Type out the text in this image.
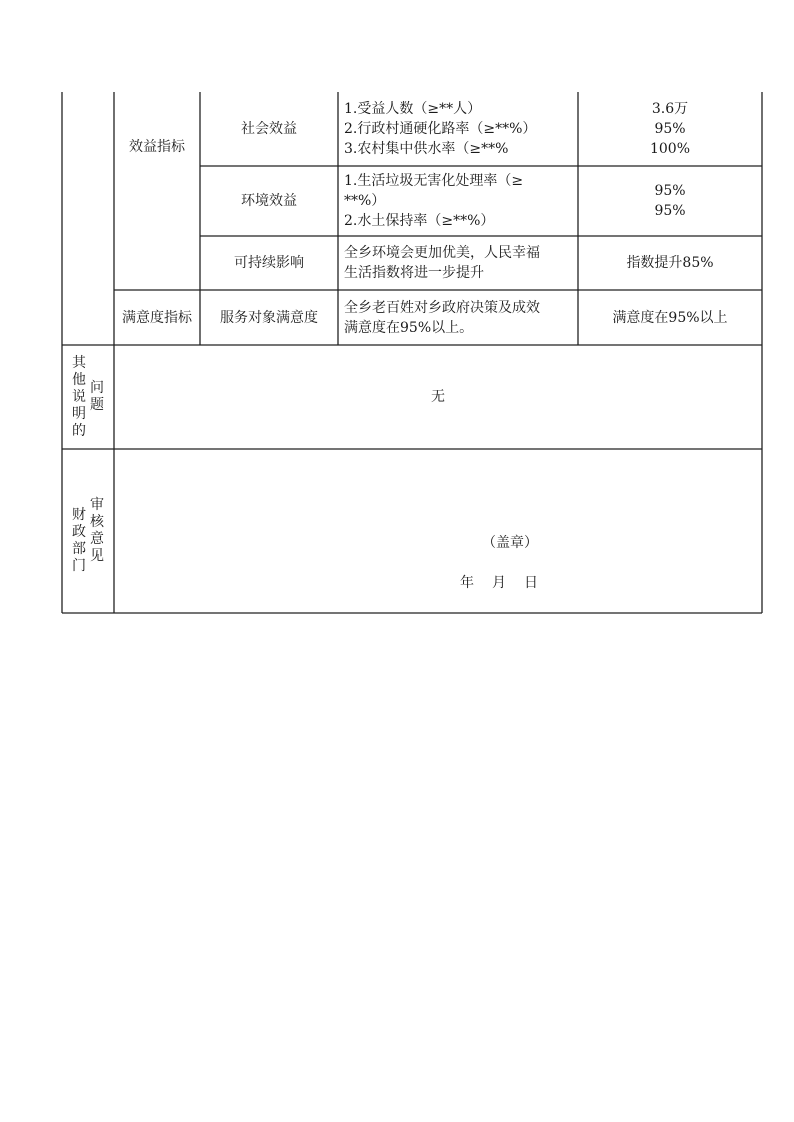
效益指标
社会效益
1.受益人数（≥**人）
2.行政村通硬化路率（≥**%）
3.农村集中供水率（≥**%
3.6万
95%
100%
环境效益
1.生活垃圾无害化处理率（≥
**%）
2.水土保持率（≥**%）
95%
95%
可持续影响
全乡环境会更加优美，人民幸福
生活指数将进一步提升
指数提升85%
满意度指标 服务对象满意度
全乡老百姓对乡政府决策及成效
满意度在95%以上。
满意度在95%以上
其
他
说
明
的
问
题	无
财
政
部
门
审
核
意
见
（盖章）
年　月　日
